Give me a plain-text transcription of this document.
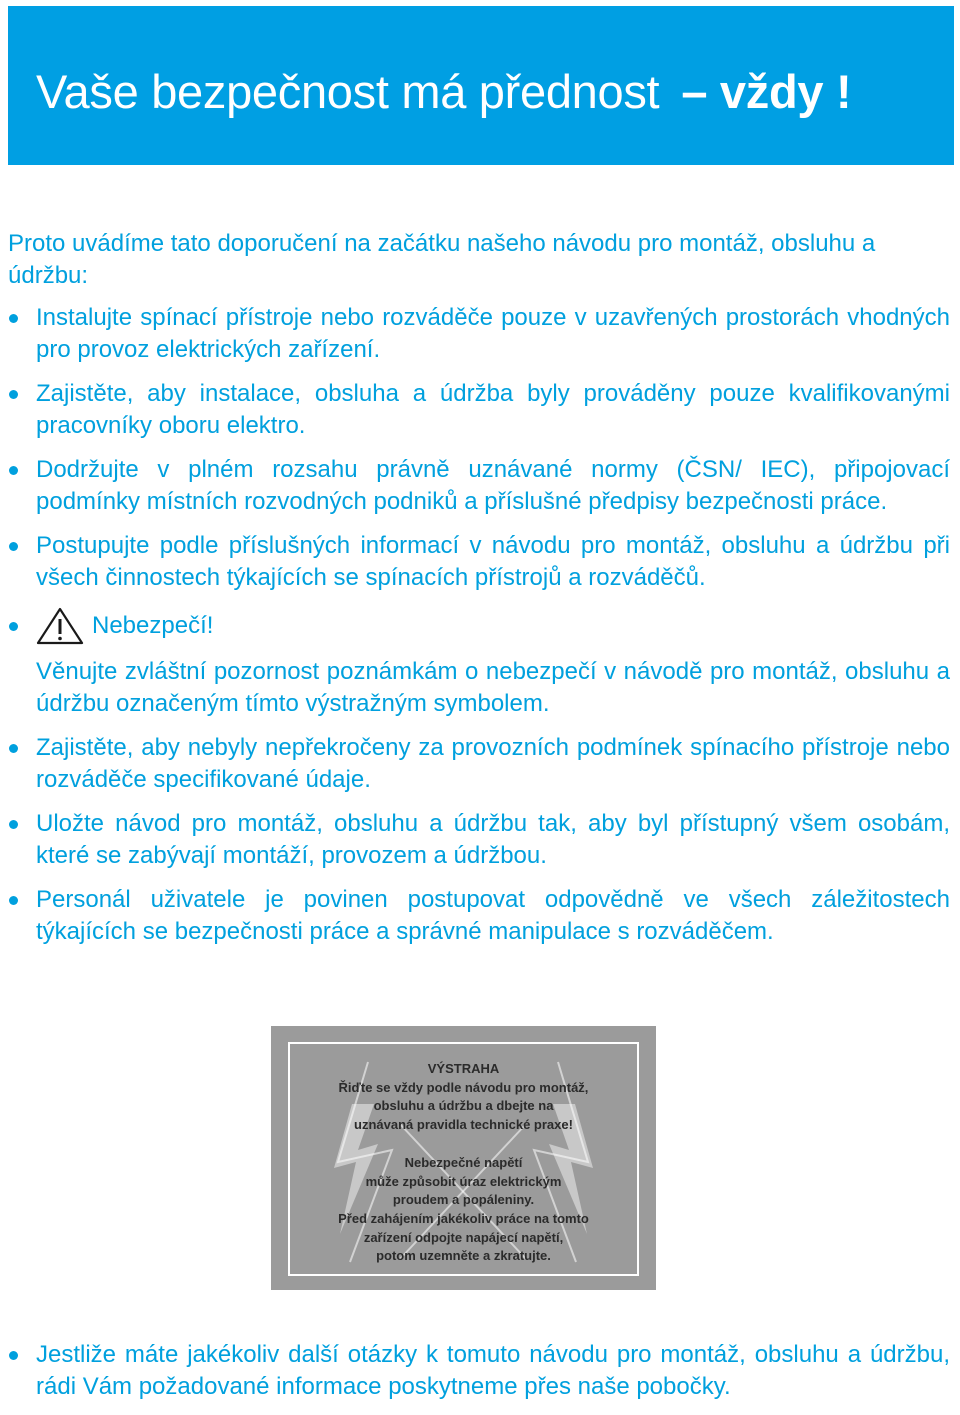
Vaše bezpečnost má přednost – vždy !

Proto uvádíme tato doporučení na začátku našeho návodu pro montáž, obsluhu a údržbu:

Instalujte spínací přístroje nebo rozváděče pouze v uzavřených prostorách vhodných pro provoz elektrických zařízení.
Zajistěte, aby instalace, obsluha a údržba byly prováděny pouze kvalifikovanými pracovníky oboru elektro.
Dodržujte v plném rozsahu právně uznávané normy (ČSN/ IEC), připojovací podmínky místních rozvodných podniků a příslušné předpisy bezpečnosti práce.
Postupujte podle příslušných informací v návodu pro montáž, obsluhu a údržbu při všech činnostech týkajících se spínacích přístrojů a rozváděčů.
Nebezpečí!
Věnujte zvláštní pozornost poznámkám o nebezpečí v návodě pro montáž, obsluhu a údržbu označeným tímto výstražným symbolem.
Zajistěte, aby nebyly nepřekročeny za provozních podmínek spínacího přístroje nebo rozváděče specifikované údaje.
Uložte návod pro montáž, obsluhu a údržbu tak, aby byl přístupný všem osobám, které se zabývají montáží, provozem a údržbou.
Personál uživatele je povinen postupovat odpovědně ve všech záležitostech týkajících se bezpečnosti práce a správné manipulace s rozváděčem.

VÝSTRAHA

Řiďte se vždy podle návodu pro montáž,

obsluhu a údržbu a dbejte na

uznávaná pravidla technické praxe!

Nebezpečné napětí

může způsobit úraz elektrickým

proudem a popáleniny.

Před zahájením jakékoliv práce na tomto

zařízení odpojte napájecí napětí,

potom uzemněte a zkratujte.

Jestliže máte jakékoliv další otázky k tomuto návodu pro montáž, obsluhu a údržbu, rádi Vám požadované informace poskytneme přes naše pobočky.
